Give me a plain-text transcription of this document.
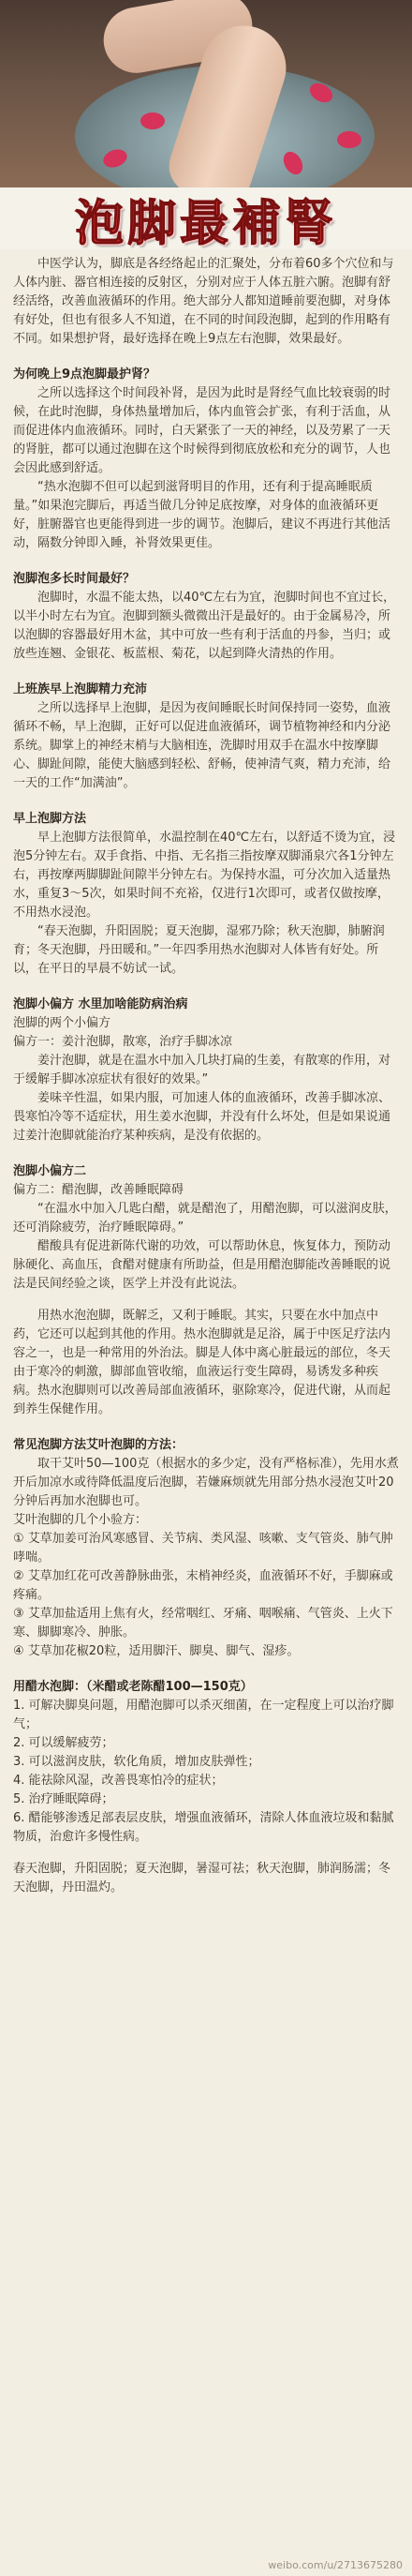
泡脚最補腎

中医学认为，脚底是各经络起止的汇聚处，分布着60多个穴位和与人体内脏、器官相连接的反射区，分别对应于人体五脏六腑。泡脚有舒经活络，改善血液循环的作用。绝大部分人都知道睡前要泡脚，对身体有好处，但也有很多人不知道，在不同的时间段泡脚，起到的作用略有不同。如果想护肾，最好选择在晚上9点左右泡脚，效果最好。

为何晚上9点泡脚最护肾？

之所以选择这个时间段补肾，是因为此时是肾经气血比较衰弱的时候，在此时泡脚，身体热量增加后，体内血管会扩张，有利于活血，从而促进体内血液循环。同时，白天紧张了一天的神经，以及劳累了一天的肾脏，都可以通过泡脚在这个时候得到彻底放松和充分的调节，人也会因此感到舒适。

“热水泡脚不但可以起到滋肾明目的作用，还有利于提高睡眠质量。”如果泡完脚后，再适当做几分钟足底按摩，对身体的血液循环更好，脏腑器官也更能得到进一步的调节。泡脚后，建议不再进行其他活动，隔数分钟即入睡，补肾效果更佳。

泡脚泡多长时间最好？

泡脚时，水温不能太热，以40℃左右为宜，泡脚时间也不宜过长，以半小时左右为宜。泡脚到额头微微出汗是最好的。由于金属易冷，所以泡脚的容器最好用木盆，其中可放一些有利于活血的丹参，当归；或放些连翘、金银花、板蓝根、菊花，以起到降火清热的作用。

上班族早上泡脚精力充沛

之所以选择早上泡脚，是因为夜间睡眠长时间保持同一姿势，血液循环不畅，早上泡脚，正好可以促进血液循环，调节植物神经和内分泌系统。脚掌上的神经末梢与大脑相连，洗脚时用双手在温水中按摩脚心、脚趾间隙，能使大脑感到轻松、舒畅，使神清气爽，精力充沛，给一天的工作“加满油”。

早上泡脚方法

早上泡脚方法很简单，水温控制在40℃左右，以舒适不烫为宜，浸泡5分钟左右。双手食指、中指、无名指三指按摩双脚涌泉穴各1分钟左右，再按摩两脚脚趾间隙半分钟左右。为保持水温，可分次加入适量热水，重复3～5次，如果时间不充裕，仅进行1次即可，或者仅做按摩，不用热水浸泡。

“春天泡脚，升阳固脱；夏天泡脚，湿邪乃除；秋天泡脚，肺腑润育；冬天泡脚，丹田暖和。”一年四季用热水泡脚对人体皆有好处。所以，在平日的早晨不妨试一试。

泡脚小偏方 水里加啥能防病治病

泡脚的两个小偏方

偏方一：姜汁泡脚，散寒，治疗手脚冰凉

姜汁泡脚，就是在温水中加入几块打扁的生姜，有散寒的作用，对于缓解手脚冰凉症状有很好的效果。”

姜味辛性温，如果内服，可加速人体的血液循环，改善手脚冰凉、畏寒怕冷等不适症状，用生姜水泡脚，并没有什么坏处，但是如果说通过姜汁泡脚就能治疗某种疾病，是没有依据的。

泡脚小偏方二

偏方二：醋泡脚，改善睡眠障碍

“在温水中加入几匙白醋，就是醋泡了，用醋泡脚，可以滋润皮肤，还可消除疲劳，治疗睡眠障碍。”

醋酸具有促进新陈代谢的功效，可以帮助休息，恢复体力，预防动脉硬化、高血压，食醋对健康有所助益，但是用醋泡脚能改善睡眠的说法是民间经验之谈，医学上并没有此说法。

用热水泡泡脚，既解乏，又利于睡眠。其实，只要在水中加点中药，它还可以起到其他的作用。热水泡脚就是足浴，属于中医足疗法内容之一，也是一种常用的外治法。脚是人体中离心脏最远的部位，冬天由于寒冷的刺激，脚部血管收缩，血液运行变生障碍，易诱发多种疾病。热水泡脚则可以改善局部血液循环，驱除寒冷，促进代谢，从而起到养生保健作用。

常见泡脚方法艾叶泡脚的方法：

取干艾叶50—100克（根据水的多少定，没有严格标准），先用水煮开后加凉水或待降低温度后泡脚，若嫌麻烦就先用部分热水浸泡艾叶20分钟后再加水泡脚也可。

艾叶泡脚的几个小验方：

① 艾草加姜可治风寒感冒、关节病、类风湿、咳嗽、支气管炎、肺气肿哮喘。
② 艾草加红花可改善静脉曲张，末梢神经炎，血液循环不好，手脚麻或疼痛。
③ 艾草加盐适用上焦有火，经常咽红、牙痛、咽喉痛、气管炎、上火下寒、脚脚寒冷、肿胀。
④ 艾草加花椒20粒，适用脚汗、脚臭、脚气、湿疹。

用醋水泡脚：（米醋或老陈醋100—150克）

1. 可解决脚臭问题，用醋泡脚可以杀灭细菌，在一定程度上可以治疗脚气；
2. 可以缓解疲劳；
3. 可以滋润皮肤，软化角质，增加皮肤弹性；
4. 能祛除风湿，改善畏寒怕冷的症状；
5. 治疗睡眠障碍；
6. 醋能够渗透足部表层皮肤，增强血液循环，清除人体血液垃圾和黏腻物质，治愈许多慢性病。

春天泡脚，升阳固脱；夏天泡脚，暑湿可祛；秋天泡脚，肺润肠濡；冬天泡脚，丹田温灼。

weibo.com/u/2713675280
